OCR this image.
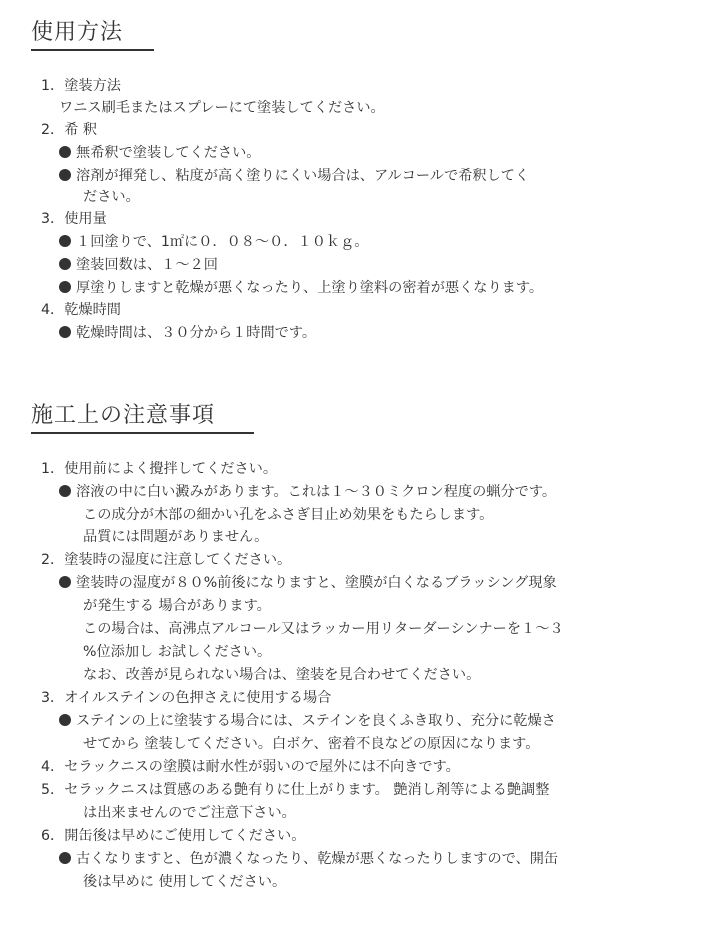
使用方法
1．塗装方法
ワニス刷毛またはスプレーにて塗装してください。
2．希 釈
無希釈で塗装してください。
溶剤が揮発し、粘度が高く塗りにくい場合は、アルコールで希釈してく
ださい。
3．使用量
１回塗りで、1㎡に０．０８～０．１０ｋｇ。
塗装回数は、１～２回
厚塗りしますと乾燥が悪くなったり、上塗り塗料の密着が悪くなります。
4．乾燥時間
乾燥時間は、３０分から１時間です。
施工上の注意事項
1．使用前によく攪拌してください。
溶液の中に白い澱みがあります。これは１～３０ミクロン程度の蝋分です。
この成分が木部の細かい孔をふさぎ目止め効果をもたらします。
品質には問題がありません。
2．塗装時の湿度に注意してください。
塗装時の湿度が８０%前後になりますと、塗膜が白くなるブラッシング現象
が発生する 場合があります。
この場合は、高沸点アルコール又はラッカー用リターダーシンナーを１～３
%位添加し お試しください。
なお、改善が見られない場合は、塗装を見合わせてください。
3．オイルステインの色押さえに使用する場合
ステインの上に塗装する場合には、ステインを良くふき取り、充分に乾燥さ
せてから 塗装してください。白ボケ、密着不良などの原因になります。
4．セラックニスの塗膜は耐水性が弱いので屋外には不向きです。
5．セラックニスは質感のある艶有りに仕上がります。 艶消し剤等による艶調整
は出来ませんのでご注意下さい。
6．開缶後は早めにご使用してください。
古くなりますと、色が濃くなったり、乾燥が悪くなったりしますので、開缶
後は早めに 使用してください。
